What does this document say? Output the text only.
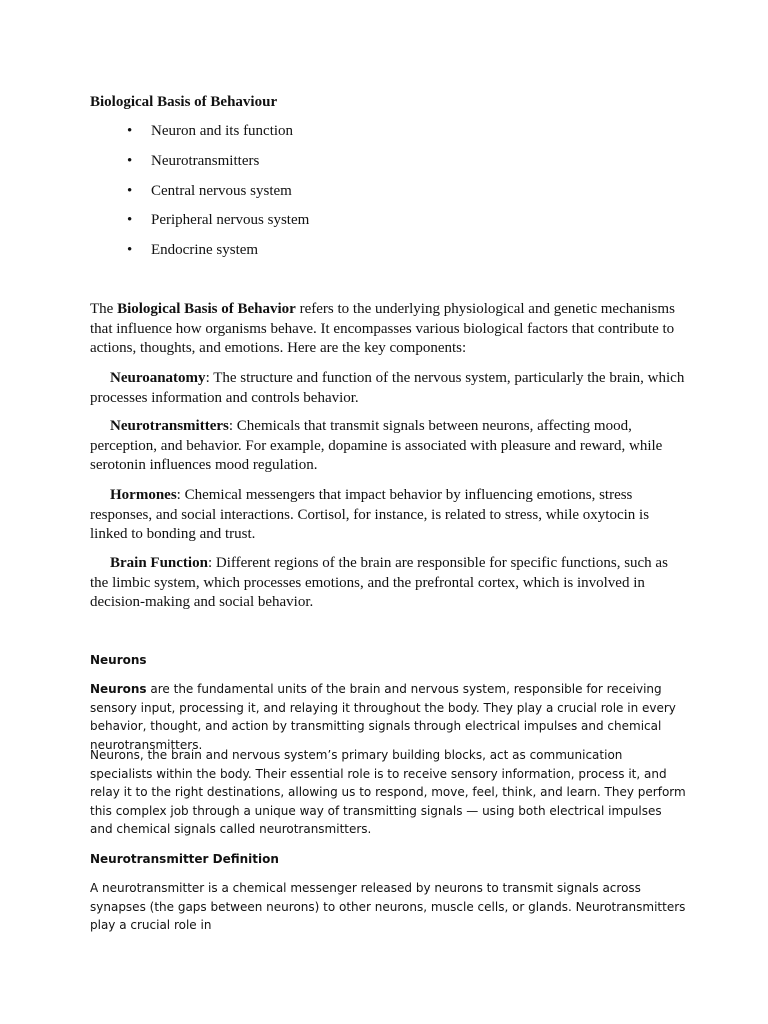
Biological Basis of Behaviour

• Neuron and its function
• Neurotransmitters
• Central nervous system
• Peripheral nervous system
• Endocrine system

The Biological Basis of Behavior refers to the underlying physiological and genetic mechanisms that influence how organisms behave. It encompasses various biological factors that contribute to actions, thoughts, and emotions. Here are the key components:

Neuroanatomy: The structure and function of the nervous system, particularly the brain, which processes information and controls behavior.

Neurotransmitters: Chemicals that transmit signals between neurons, affecting mood, perception, and behavior. For example, dopamine is associated with pleasure and reward, while serotonin influences mood regulation.

Hormones: Chemical messengers that impact behavior by influencing emotions, stress responses, and social interactions. Cortisol, for instance, is related to stress, while oxytocin is linked to bonding and trust.

Brain Function: Different regions of the brain are responsible for specific functions, such as the limbic system, which processes emotions, and the prefrontal cortex, which is involved in decision-making and social behavior.

Neurons

Neurons are the fundamental units of the brain and nervous system, responsible for receiving sensory input, processing it, and relaying it throughout the body. They play a crucial role in every behavior, thought, and action by transmitting signals through electrical impulses and chemical neurotransmitters.

Neurons, the brain and nervous system’s primary building blocks, act as communication specialists within the body. Their essential role is to receive sensory information, process it, and relay it to the right destinations, allowing us to respond, move, feel, think, and learn. They perform this complex job through a unique way of transmitting signals — using both electrical impulses and chemical signals called neurotransmitters.

Neurotransmitter Definition

A neurotransmitter is a chemical messenger released by neurons to transmit signals across synapses (the gaps between neurons) to other neurons, muscle cells, or glands. Neurotransmitters play a crucial role in
